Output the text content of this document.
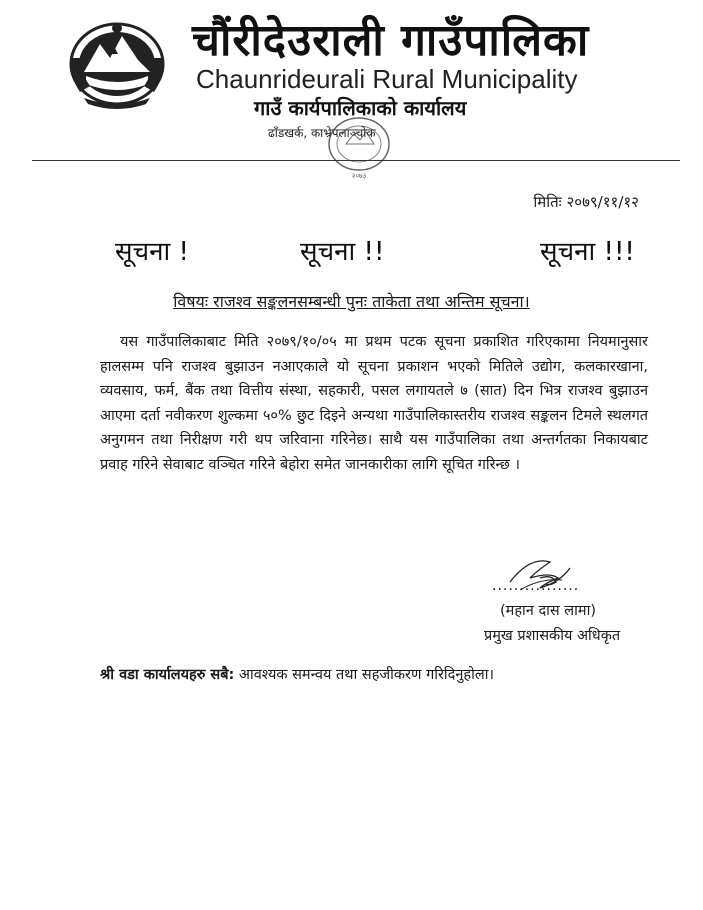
चौंरीदेउराली गाउँपालिका
Chaunrideurali Rural Municipality
गाउँ कार्यपालिकाको कार्यालय
ढाँडखर्क, काभ्रेपलाञ्चोक
२०७३
मितिः २०७९/११/१२
सूचना !	सूचना !!	सूचना !!!
विषयः राजश्व सङ्कलनसम्बन्धी पुनः ताकेता तथा अन्तिम सूचना।
यस गाउँपालिकाबाट मिति २०७९/१०/०५ मा प्रथम पटक सूचना प्रकाशित गरिएकामा नियमानुसार हालसम्म पनि राजश्व बुझाउन नआएकाले यो सूचना प्रकाशन भएको मितिले उद्योग, कलकारखाना, व्यवसाय, फर्म, बैंक तथा वित्तीय संस्था, सहकारी, पसल लगायतले ७ (सात) दिन भित्र राजश्व बुझाउन आएमा दर्ता नवीकरण शुल्कमा ५०% छुट दिइने अन्यथा गाउँपालिकास्तरीय राजश्व सङ्कलन टिमले स्थलगत अनुगमन तथा निरीक्षण गरी थप जरिवाना गरिनेछ। साथै यस गाउँपालिका तथा अन्तर्गतका निकायबाट प्रवाह गरिने सेवाबाट वञ्चित गरिने बेहोरा समेत जानकारीका लागि सूचित गरिन्छ ।
................
(महान दास लामा)
प्रमुख प्रशासकीय अधिकृत
श्री वडा कार्यालयहरु सबै: आवश्यक समन्वय तथा सहजीकरण गरिदिनुहोला।
